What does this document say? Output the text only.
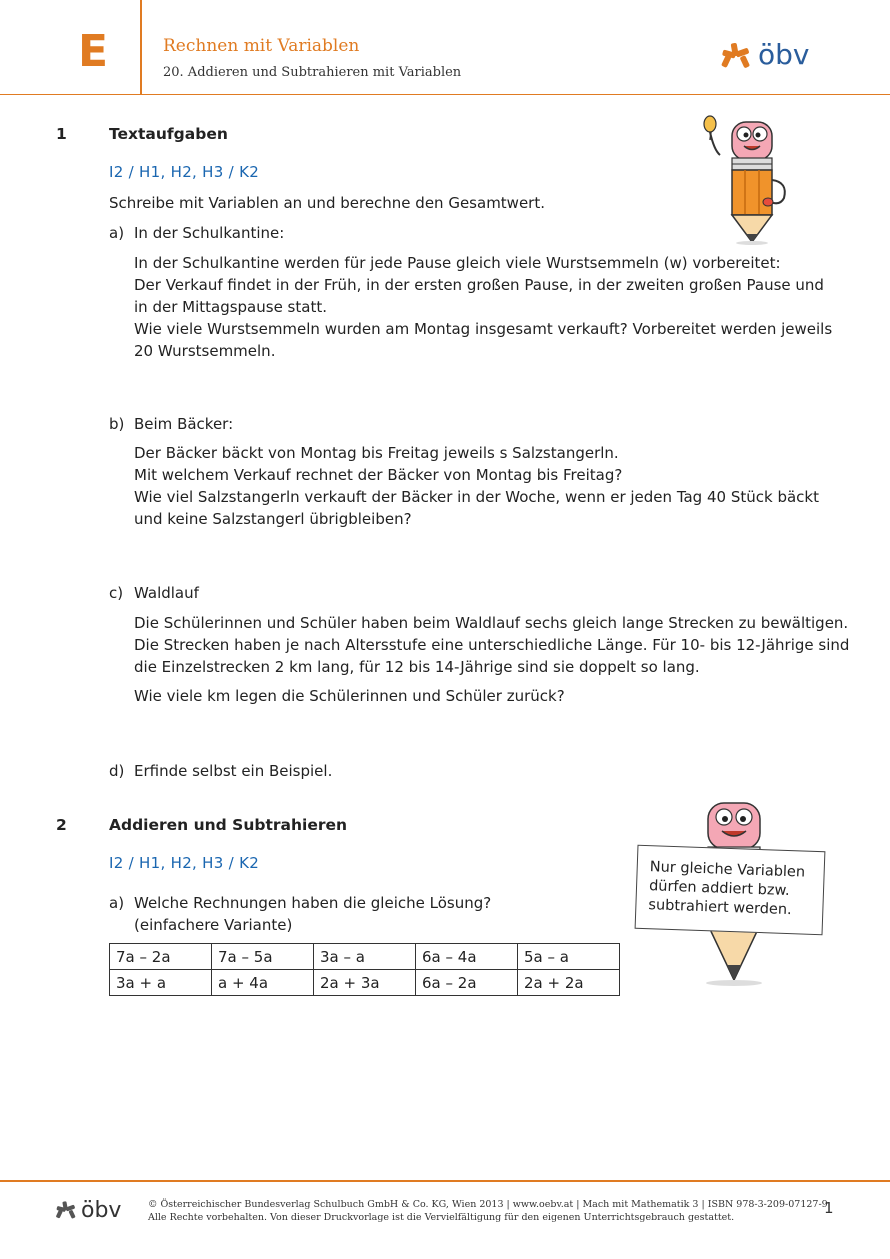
E	Rechnen mit Variablen
20. Addieren und Subtrahieren mit Variablen
öbv
1	Textaufgaben
I2 / H1, H2, H3 / K2
Schreibe mit Variablen an und berechne den Gesamtwert.
a) In der Schulkantine:
In der Schulkantine werden für jede Pause gleich viele Wurstsemmeln (w) vorbereitet:
Der Verkauf findet in der Früh, in der ersten großen Pause, in der zweiten großen Pause und
in der Mittagspause statt.
Wie viele Wurstsemmeln wurden am Montag insgesamt verkauft? Vorbereitet werden jeweils
20 Wurstsemmeln.
b) Beim Bäcker:
Der Bäcker bäckt von Montag bis Freitag jeweils s Salzstangerln.
Mit welchem Verkauf rechnet der Bäcker von Montag bis Freitag?
Wie viel Salzstangerln verkauft der Bäcker in der Woche, wenn er jeden Tag 40 Stück bäckt
und keine Salzstangerl übrigbleiben?
c) Waldlauf
Die Schülerinnen und Schüler haben beim Waldlauf sechs gleich lange Strecken zu bewältigen.
Die Strecken haben je nach Altersstufe eine unterschiedliche Länge. Für 10- bis 12-Jährige sind
die Einzelstrecken 2 km lang, für 12 bis 14-Jährige sind sie doppelt so lang.
Wie viele km legen die Schülerinnen und Schüler zurück?
d) Erfinde selbst ein Beispiel.
2	Addieren und Subtrahieren
I2 / H1, H2, H3 / K2
a) Welche Rechnungen haben die gleiche Lösung?
(einfachere Variante)
7a – 2a	7a – 5a	3a – a	6a – 4a	5a – a
3a + a	a + 4a	2a + 3a	6a – 2a	2a + 2a
Nur gleiche Variablen
dürfen addiert bzw.
subtrahiert werden.
öbv	© Österreichischer Bundesverlag Schulbuch GmbH & Co. KG, Wien 2013 | www.oebv.at | Mach mit Mathematik 3 | ISBN 978-3-209-07127-9
Alle Rechte vorbehalten. Von dieser Druckvorlage ist die Vervielfältigung für den eigenen Unterrichtsgebrauch gestattet.
1
